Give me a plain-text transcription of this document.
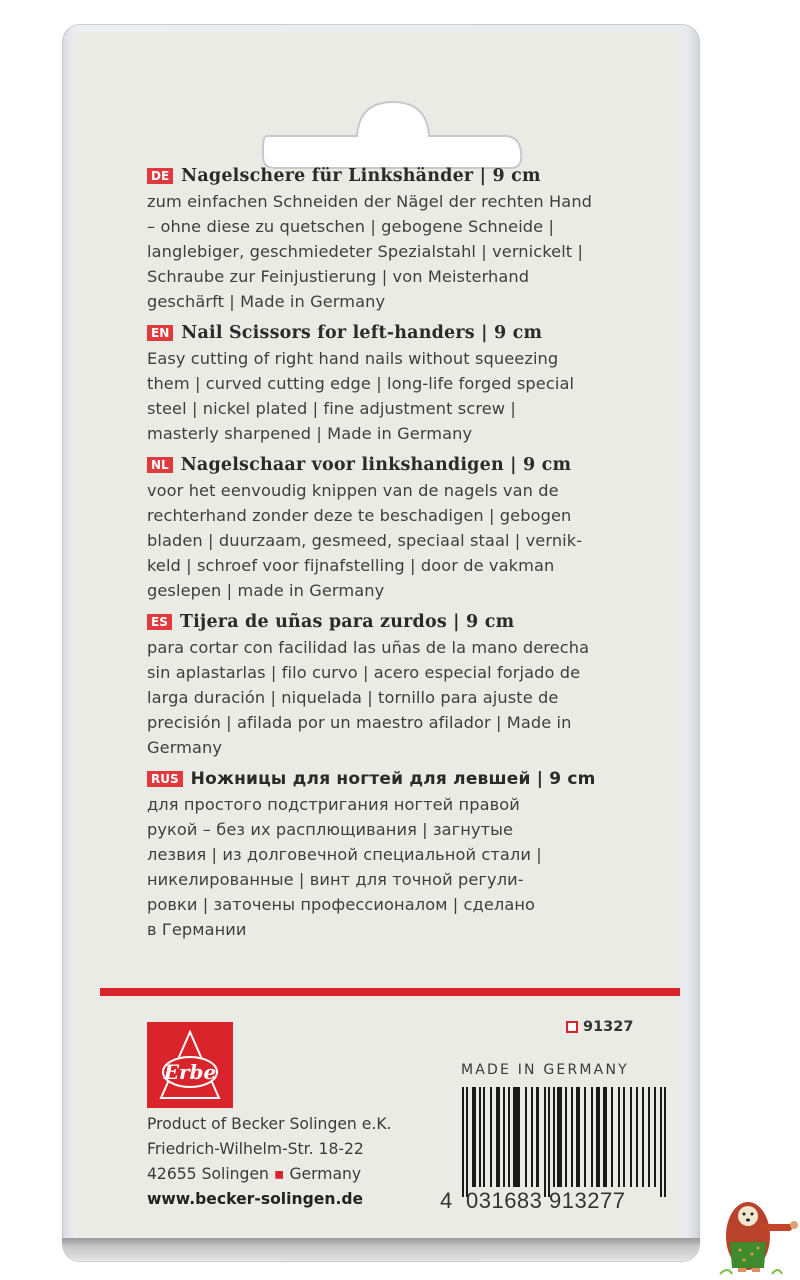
DE Nagelschere für Linkshänder | 9 cm
zum einfachen Schneiden der Nägel der rechten Hand
– ohne diese zu quetschen | gebogene Schneide |
langlebiger, geschmiedeter Spezialstahl | vernickelt |
Schraube zur Feinjustierung | von Meisterhand
geschärft | Made in Germany
EN Nail Scissors for left-handers | 9 cm
Easy cutting of right hand nails without squeezing
them | curved cutting edge | long-life forged special
steel | nickel plated | fine adjustment screw |
masterly sharpened | Made in Germany
NL Nagelschaar voor linkshandigen | 9 cm
voor het eenvoudig knippen van de nagels van de
rechterhand zonder deze te beschadigen | gebogen
bladen | duurzaam, gesmeed, speciaal staal | vernik-
keld | schroef voor fijnafstelling | door de vakman
geslepen | made in Germany
ES Tijera de uñas para zurdos | 9 cm
para cortar con facilidad las uñas de la mano derecha
sin aplastarlas | filo curvo | acero especial forjado de
larga duración | niquelada | tornillo para ajuste de
precisión | afilada por un maestro afilador | Made in
Germany
RUS Ножницы для ногтей для левшей | 9 cm
для простого подстригания ногтей правой
рукой – без их расплющивания | загнутые
лезвия | из долговечной специальной стали |
никелированные | винт для точной регули-
ровки | заточены профессионалом | сделано
в Германии
91327
Erbe
Product of Becker Solingen e.K.
Friedrich-Wilhelm-Str. 18-22
42655 Solingen ▪ Germany
www.becker-solingen.de
MADE IN GERMANY
4 031683 913277
